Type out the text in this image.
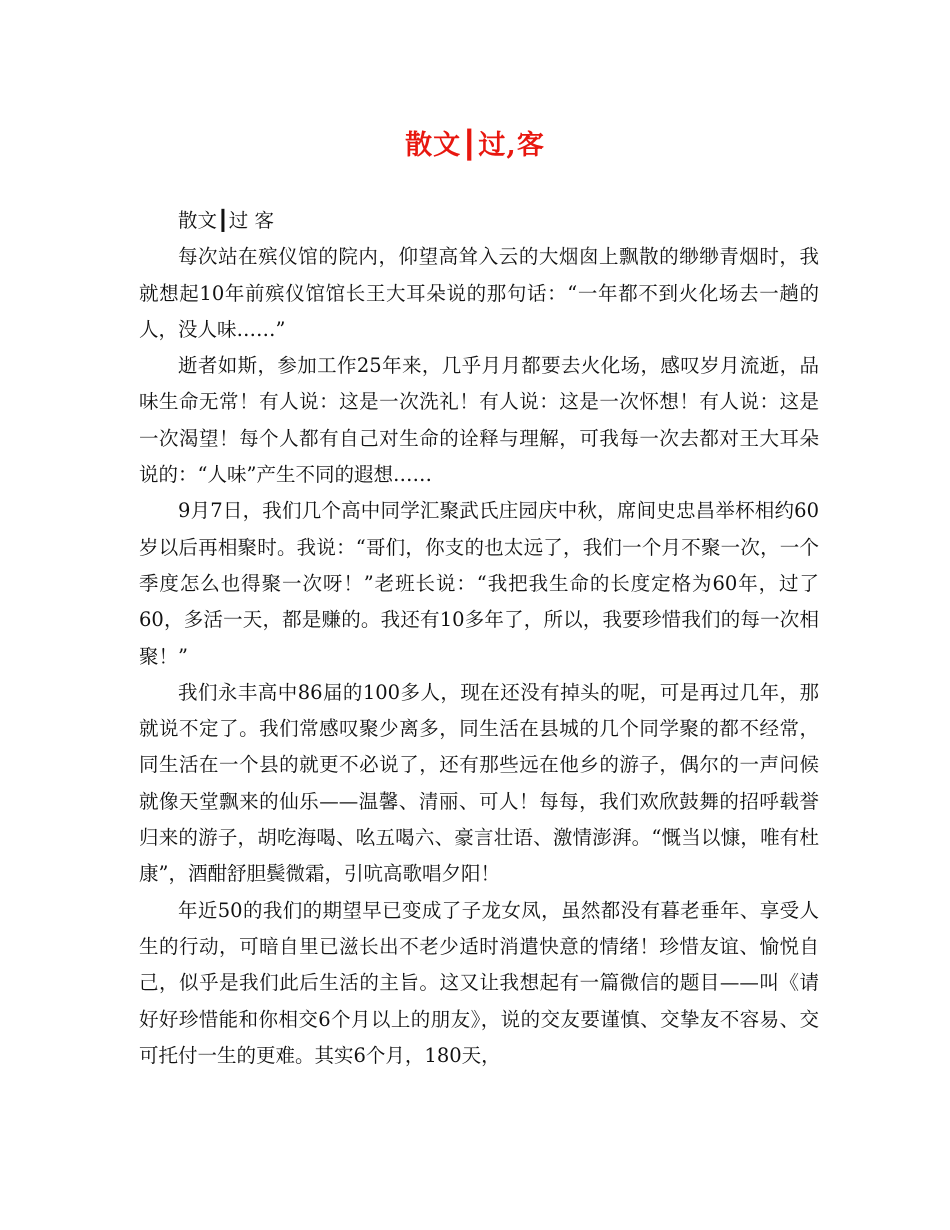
散文┃过,客

散文┃过 客

每次站在殡仪馆的院内，仰望高耸入云的大烟囱上飘散的缈缈青烟时，我就想起10年前殡仪馆馆长王大耳朵说的那句话：“一年都不到火化场去一趟的人，没人味……”

逝者如斯，参加工作25年来，几乎月月都要去火化场，感叹岁月流逝，品味生命无常！有人说：这是一次洗礼！有人说：这是一次怀想！有人说：这是一次渴望！每个人都有自己对生命的诠释与理解，可我每一次去都对王大耳朵说的：“人味”产生不同的遐想……

9月7日，我们几个高中同学汇聚武氏庄园庆中秋，席间史忠昌举杯相约60岁以后再相聚时。我说：“哥们，你支的也太远了，我们一个月不聚一次，一个季度怎么也得聚一次呀！”老班长说：“我把我生命的长度定格为60年，过了60，多活一天，都是赚的。我还有10多年了，所以，我要珍惜我们的每一次相聚！”

我们永丰高中86届的100多人，现在还没有掉头的呢，可是再过几年，那就说不定了。我们常感叹聚少离多，同生活在县城的几个同学聚的都不经常，同生活在一个县的就更不必说了，还有那些远在他乡的游子，偶尔的一声问候就像天堂飘来的仙乐——温馨、清丽、可人！每每，我们欢欣鼓舞的招呼载誉归来的游子，胡吃海喝、吆五喝六、豪言壮语、激情澎湃。“慨当以慷，唯有杜康”，酒酣舒胆鬓微霜，引吭高歌唱夕阳！

年近50的我们的期望早已变成了子龙女凤，虽然都没有暮老垂年、享受人生的行动，可暗自里已滋长出不老少适时消遣快意的情绪！珍惜友谊、愉悦自己，似乎是我们此后生活的主旨。这又让我想起有一篇微信的题目——叫《请好好珍惜能和你相交6个月以上的朋友》，说的交友要谨慎、交挚友不容易、交可托付一生的更难。其实6个月，180天，
